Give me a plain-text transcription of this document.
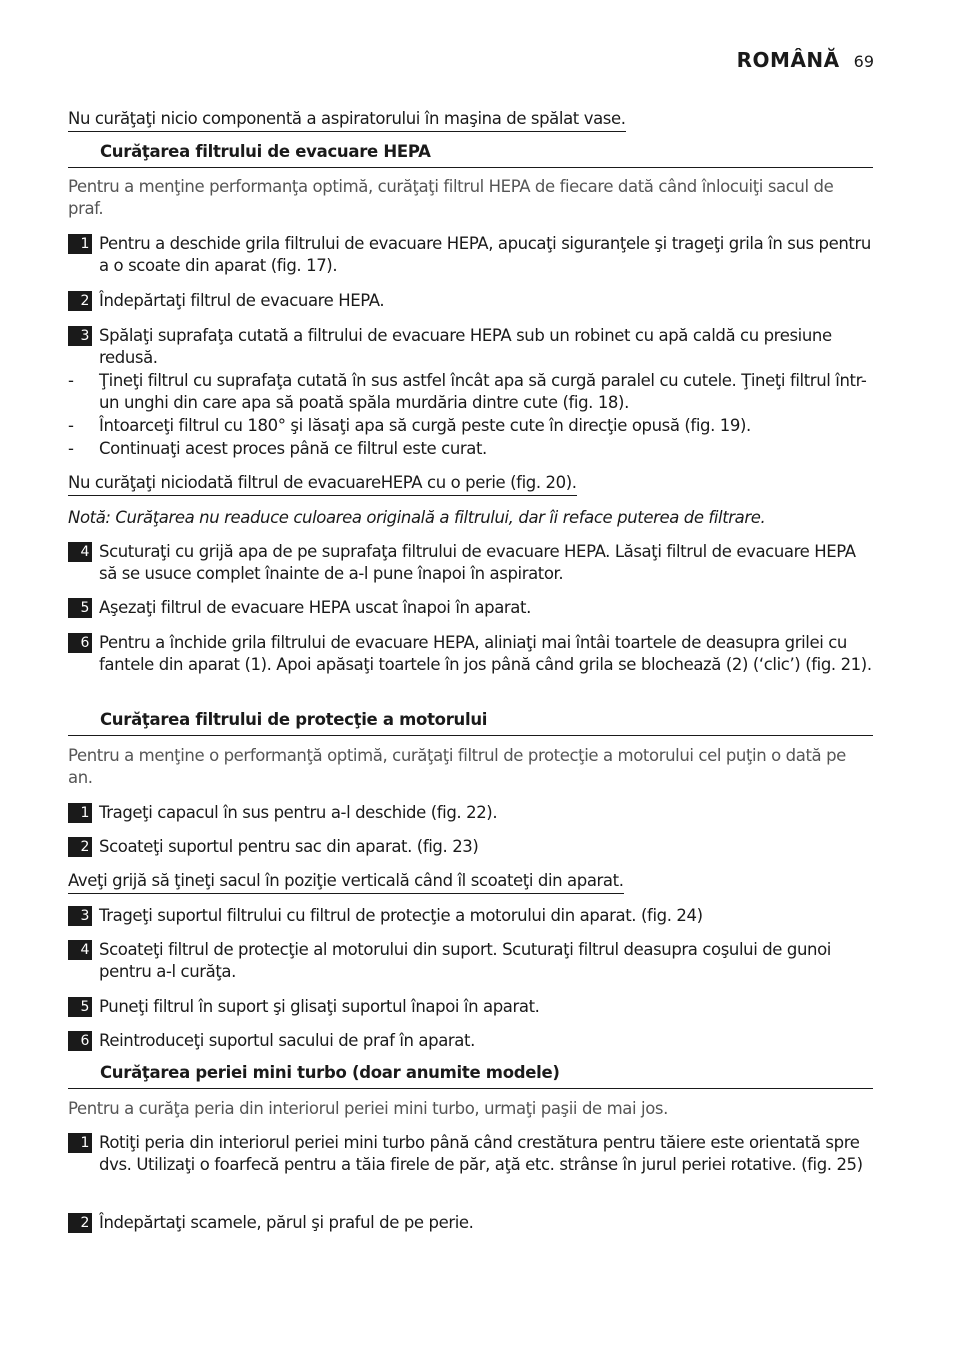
ROMÂNĂ 69
Nu curăţaţi nicio componentă a aspiratorului în maşina de spălat vase.
Curăţarea filtrului de evacuare HEPA
Pentru a menţine performanţa optimă, curăţaţi filtrul HEPA de fiecare dată când înlocuiţi sacul de praf.
1 Pentru a deschide grila filtrului de evacuare HEPA, apucaţi siguranţele şi trageţi grila în sus pentru a o scoate din aparat (fig. 17).
2 Îndepărtaţi filtrul de evacuare HEPA.
3 Spălaţi suprafaţa cutată a filtrului de evacuare HEPA sub un robinet cu apă caldă cu presiune redusă.
-	Ţineţi filtrul cu suprafaţa cutată în sus astfel încât apa să curgă paralel cu cutele. Ţineţi filtrul într-un unghi din care apa să poată spăla murdăria dintre cute (fig. 18).
-	Întoarceţi filtrul cu 180° şi lăsaţi apa să curgă peste cute în direcţie opusă (fig. 19).
-	Continuaţi acest proces până ce filtrul este curat.
Nu curăţaţi niciodată filtrul de evacuareHEPA cu o perie (fig. 20).
Notă: Curăţarea nu readuce culoarea originală a filtrului, dar îi reface puterea de filtrare.
4 Scuturaţi cu grijă apa de pe suprafaţa filtrului de evacuare HEPA. Lăsaţi filtrul de evacuare HEPA să se usuce complet înainte de a-l pune înapoi în aspirator.
5 Aşezaţi filtrul de evacuare HEPA uscat înapoi în aparat.
6 Pentru a închide grila filtrului de evacuare HEPA, aliniaţi mai întâi toartele de deasupra grilei cu fantele din aparat (1). Apoi apăsaţi toartele în jos până când grila se blochează (2) (‘clic’) (fig. 21).
Curăţarea filtrului de protecţie a motorului
Pentru a menţine o performanţă optimă, curăţaţi filtrul de protecţie a motorului cel puţin o dată pe an.
1 Trageţi capacul în sus pentru a-l deschide (fig. 22).
2 Scoateţi suportul pentru sac din aparat. (fig. 23)
Aveţi grijă să ţineţi sacul în poziţie verticală când îl scoateţi din aparat.
3 Trageţi suportul filtrului cu filtrul de protecţie a motorului din aparat. (fig. 24)
4 Scoateţi filtrul de protecţie al motorului din suport. Scuturaţi filtrul deasupra coşului de gunoi pentru a-l curăţa.
5 Puneţi filtrul în suport şi glisaţi suportul înapoi în aparat.
6 Reintroduceţi suportul sacului de praf în aparat.
Curăţarea periei mini turbo (doar anumite modele)
Pentru a curăţa peria din interiorul periei mini turbo, urmaţi paşii de mai jos.
1 Rotiţi peria din interiorul periei mini turbo până când crestătura pentru tăiere este orientată spre dvs. Utilizaţi o foarfecă pentru a tăia firele de păr, aţă etc. strânse în jurul periei rotative. (fig. 25)
2 Îndepărtaţi scamele, părul şi praful de pe perie.
